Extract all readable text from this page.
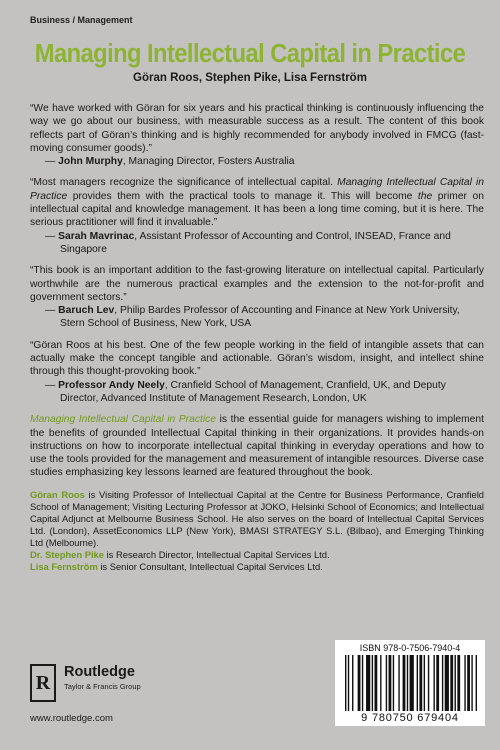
Business / Management
Managing Intellectual Capital in Practice
Göran Roos, Stephen Pike, Lisa Fernström

“We have worked with Göran for six years and his practical thinking is continuously influencing the way we go about our business, with measurable success as a result. The content of this book reflects part of Göran’s thinking and is highly recommended for anybody involved in FMCG (fast-moving consumer goods).”

— John Murphy, Managing Director, Fosters Australia

“Most managers recognize the significance of intellectual capital. Managing Intellectual Capital in Practice provides them with the practical tools to manage it. This will become the primer on intellectual capital and knowledge management. It has been a long time coming, but it is here. The serious practitioner will find it invaluable.”

— Sarah Mavrinac, Assistant Professor of Accounting and Control, INSEAD, France and Singapore

“This book is an important addition to the fast-growing literature on intellectual capital. Particularly worthwhile are the numerous practical examples and the extension to the not-for-profit and government sectors.”

— Baruch Lev, Philip Bardes Professor of Accounting and Finance at New York University, Stern School of Business, New York, USA

“Göran Roos at his best. One of the few people working in the field of intangible assets that can actually make the concept tangible and actionable. Göran’s wisdom, insight, and intellect shine through this thought-provoking book.”

— Professor Andy Neely, Cranfield School of Management, Cranfield, UK, and Deputy Director, Advanced Institute of Management Research, London, UK

Managing Intellectual Capital in Practice is the essential guide for managers wishing to implement the benefits of grounded Intellectual Capital thinking in their organizations. It provides hands-on instructions on how to incorporate intellectual capital thinking in everyday operations and how to use the tools provided for the management and measurement of intangible resources. Diverse case studies emphasizing key lessons learned are featured throughout the book.

Göran Roos is Visiting Professor of Intellectual Capital at the Centre for Business Performance, Cranfield School of Management; Visiting Lecturing Professor at JOKO, Helsinki School of Economics; and Intellectual Capital Adjunct at Melbourne Business School. He also serves on the board of Intellectual Capital Services Ltd. (London), AssetEconomics LLP (New York), BMASI STRATEGY S.L. (Bilbao), and Emerging Thinking Ltd (Melbourne).

Dr. Stephen Pike is Research Director, Intellectual Capital Services Ltd.

Lisa Fernström is Senior Consultant, Intellectual Capital Services Ltd.

R Routledge
Taylor & Francis Group
www.routledge.com
ISBN 978-0-7506-7940-4
9 780750 679404
